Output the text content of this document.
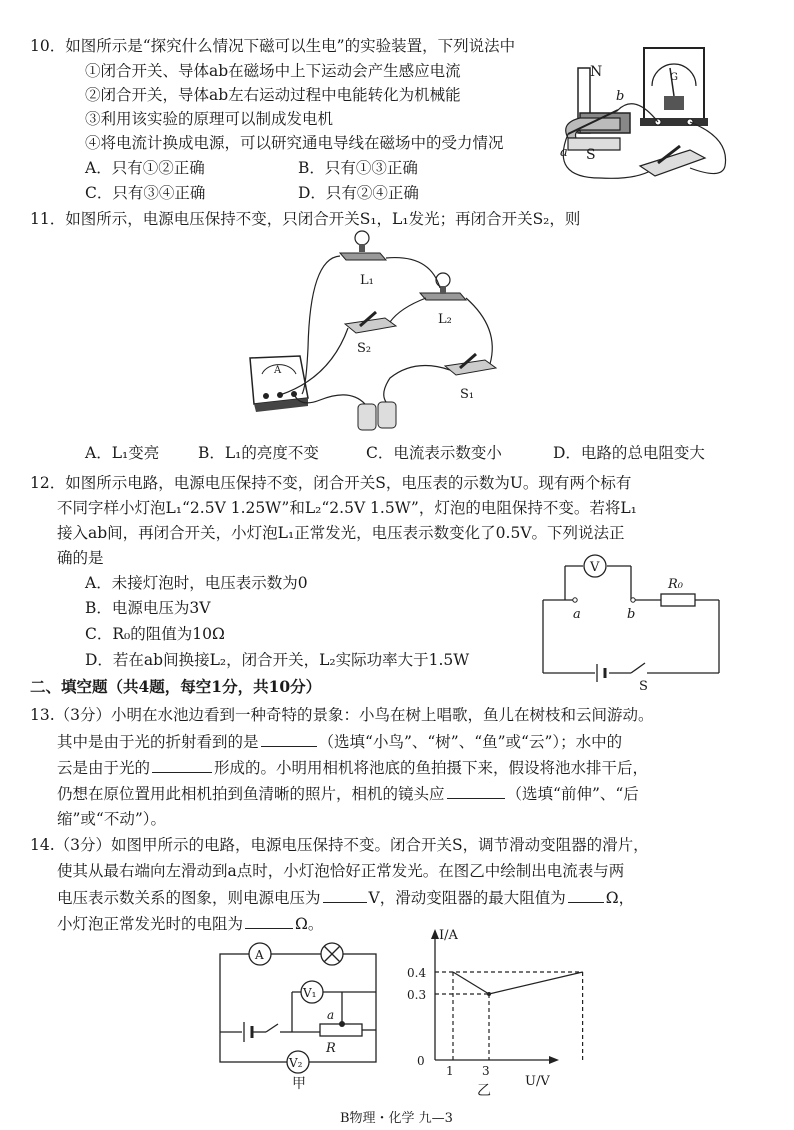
10．如图所示是“探究什么情况下磁可以生电”的实验装置，下列说法中
①闭合开关、导体ab在磁场中上下运动会产生感应电流
②闭合开关，导体ab左右运动过程中电能转化为机械能
③利用该实验的原理可以制成发电机
④将电流计换成电源，可以研究通电导线在磁场中的受力情况
A．只有①②正确	B．只有①③正确
C．只有③④正确	D．只有②④正确
G
N
S
a
b
11．如图所示，电源电压保持不变，只闭合开关S₁，L₁发光；再闭合开关S₂，则
L₁
L₂
S₂
S₁
A
A．L₁变亮	B．L₁的亮度不变	C．电流表示数变小	D．电路的总电阻变大
12．如图所示电路，电源电压保持不变，闭合开关S，电压表的示数为U。现有两个标有
不同字样小灯泡L₁“2.5V 1.25W”和L₂“2.5V 1.5W”，灯泡的电阻保持不变。若将L₁
接入ab间，再闭合开关，小灯泡L₁正常发光，电压表示数变化了0.5V。下列说法正
确的是
A．未接灯泡时，电压表示数为0
B．电源电压为3V
C．R₀的阻值为10Ω
D．若在ab间换接L₂，闭合开关，L₂实际功率大于1.5W
V
a	b
R₀
S
二、填空题（共4题，每空1分，共10分）
13.（3分）小明在水池边看到一种奇特的景象：小鸟在树上唱歌，鱼儿在树枝和云间游动。
其中是由于光的折射看到的是	（选填“小鸟”、“树”、“鱼”或“云”）；水中的
云是由于光的	形成的。小明用相机将池底的鱼拍摄下来，假设将池水排干后，
仍想在原位置用此相机拍到鱼清晰的照片，相机的镜头应	（选填“前伸”、“后
缩”或“不动”）。
14.（3分）如图甲所示的电路，电源电压保持不变。闭合开关S，调节滑动变阻器的滑片，
使其从最右端向左滑动到a点时，小灯泡恰好正常发光。在图乙中绘制出电流表与两
电压表示数关系的图象，则电源电压为	V，滑动变阻器的最大阻值为	Ω，
小灯泡正常发光时的电阻为	Ω。
A
V₁
V₂
a
R
甲
I/A
U/V
0.4
0.3
0
1 3
乙
B物理・化学 九—3
